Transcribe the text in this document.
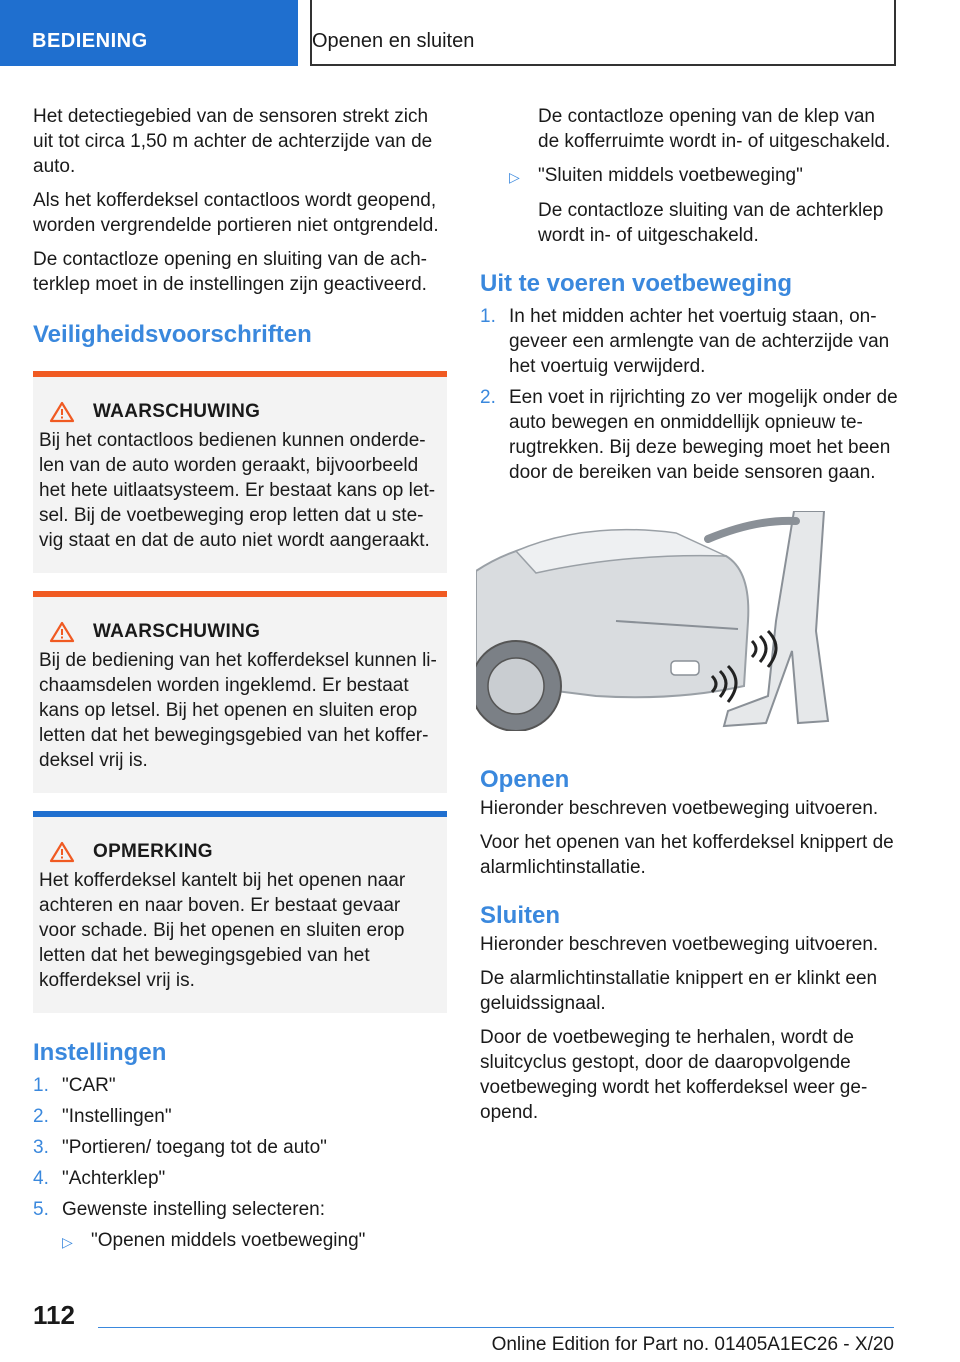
BEDIENING	Openen en sluiten

Het detectiegebied van de sensoren strekt zich uit tot circa 1,50 m achter de achterzijde van de auto.

Als het kofferdeksel contactloos wordt geopend, worden vergrendelde portieren niet ontgrendeld.

De contactloze opening en sluiting van de achterklep moet in de instellingen zijn geactiveerd.

Veiligheidsvoorschriften
WAARSCHUWING

Bij het contactloos bedienen kunnen onderdelen van de auto worden geraakt, bijvoorbeeld het hete uitlaatsysteem. Er bestaat kans op letsel. Bij de voetbeweging erop letten dat u stevig staat en dat de auto niet wordt aangeraakt.

WAARSCHUWING

Bij de bediening van het kofferdeksel kunnen lichaamsdelen worden ingeklemd. Er bestaat kans op letsel. Bij het openen en sluiten erop letten dat het bewegingsgebied van het kofferdeksel vrij is.

OPMERKING

Het kofferdeksel kantelt bij het openen naar achteren en naar boven. Er bestaat gevaar voor schade. Bij het openen en sluiten erop letten dat het bewegingsgebied van het kofferdeksel vrij is.

Instellingen
1. "CAR"
2. "Instellingen"
3. "Portieren/ toegang tot de auto"
4. "Achterklep"
5. Gewenste instelling selecteren:
▷ "Openen middels voetbeweging"

De contactloze opening van de klep van de kofferruimte wordt in- of uitgeschakeld.

▷ "Sluiten middels voetbeweging"

De contactloze sluiting van de achterklep wordt in- of uitgeschakeld.

Uit te voeren voetbeweging
1. In het midden achter het voertuig staan, ongeveer een armlengte van de achterzijde van het voertuig verwijderd.
2. Een voet in rijrichting zo ver mogelijk onder de auto bewegen en onmiddellijk opnieuw terugtrekken. Bij deze beweging moet het been door de bereiken van beide sensoren gaan.
Openen

Hieronder beschreven voetbeweging uitvoeren.

Voor het openen van het kofferdeksel knippert de alarmlichtinstallatie.

Sluiten

Hieronder beschreven voetbeweging uitvoeren.

De alarmlichtinstallatie knippert en er klinkt een geluidssignaal.

Door de voetbeweging te herhalen, wordt de sluitcyclus gestopt, door de daaropvolgende voetbeweging wordt het kofferdeksel weer geopend.

112
Online Edition for Part no. 01405A1EC26 - X/20
